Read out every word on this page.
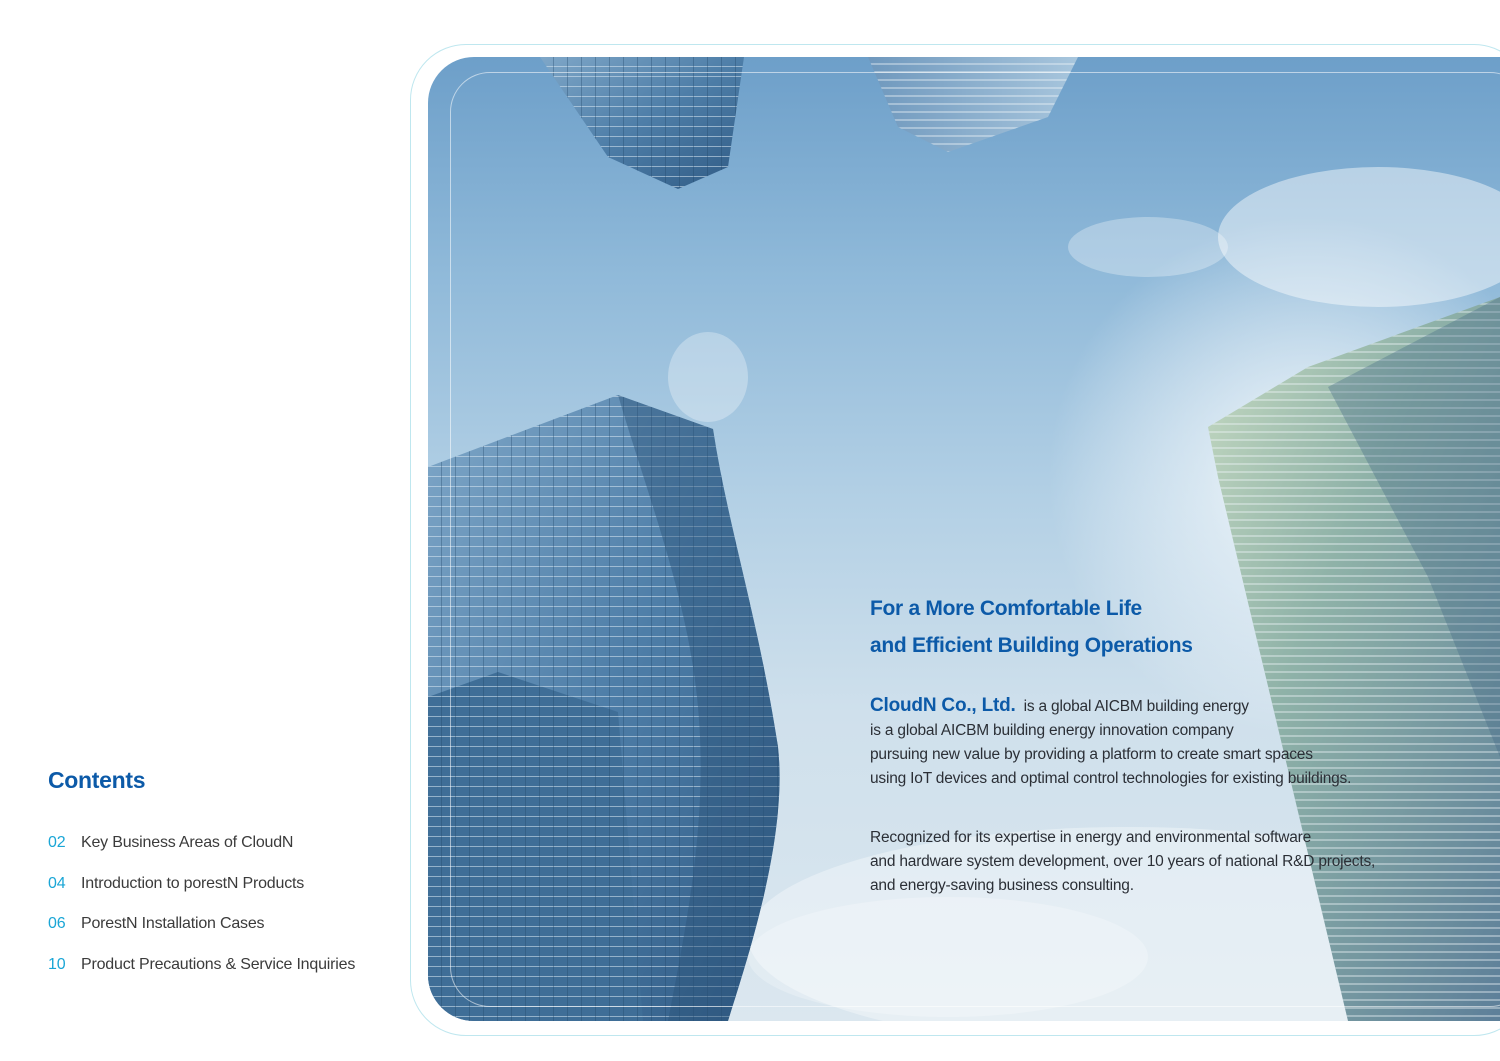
Contents
02 Key Business Areas of CloudN
04 Introduction to porestN Products
06 PorestN Installation Cases
10 Product Precautions & Service Inquiries
For a More Comfortable Life
and Efficient Building Operations
CloudN Co., Ltd. is a global AICBM building energy
is a global AICBM building energy innovation company
pursuing new value by providing a platform to create smart spaces
using IoT devices and optimal control technologies for existing buildings.
Recognized for its expertise in energy and environmental software
and hardware system development, over 10 years of national R&D projects,
and energy-saving business consulting.
